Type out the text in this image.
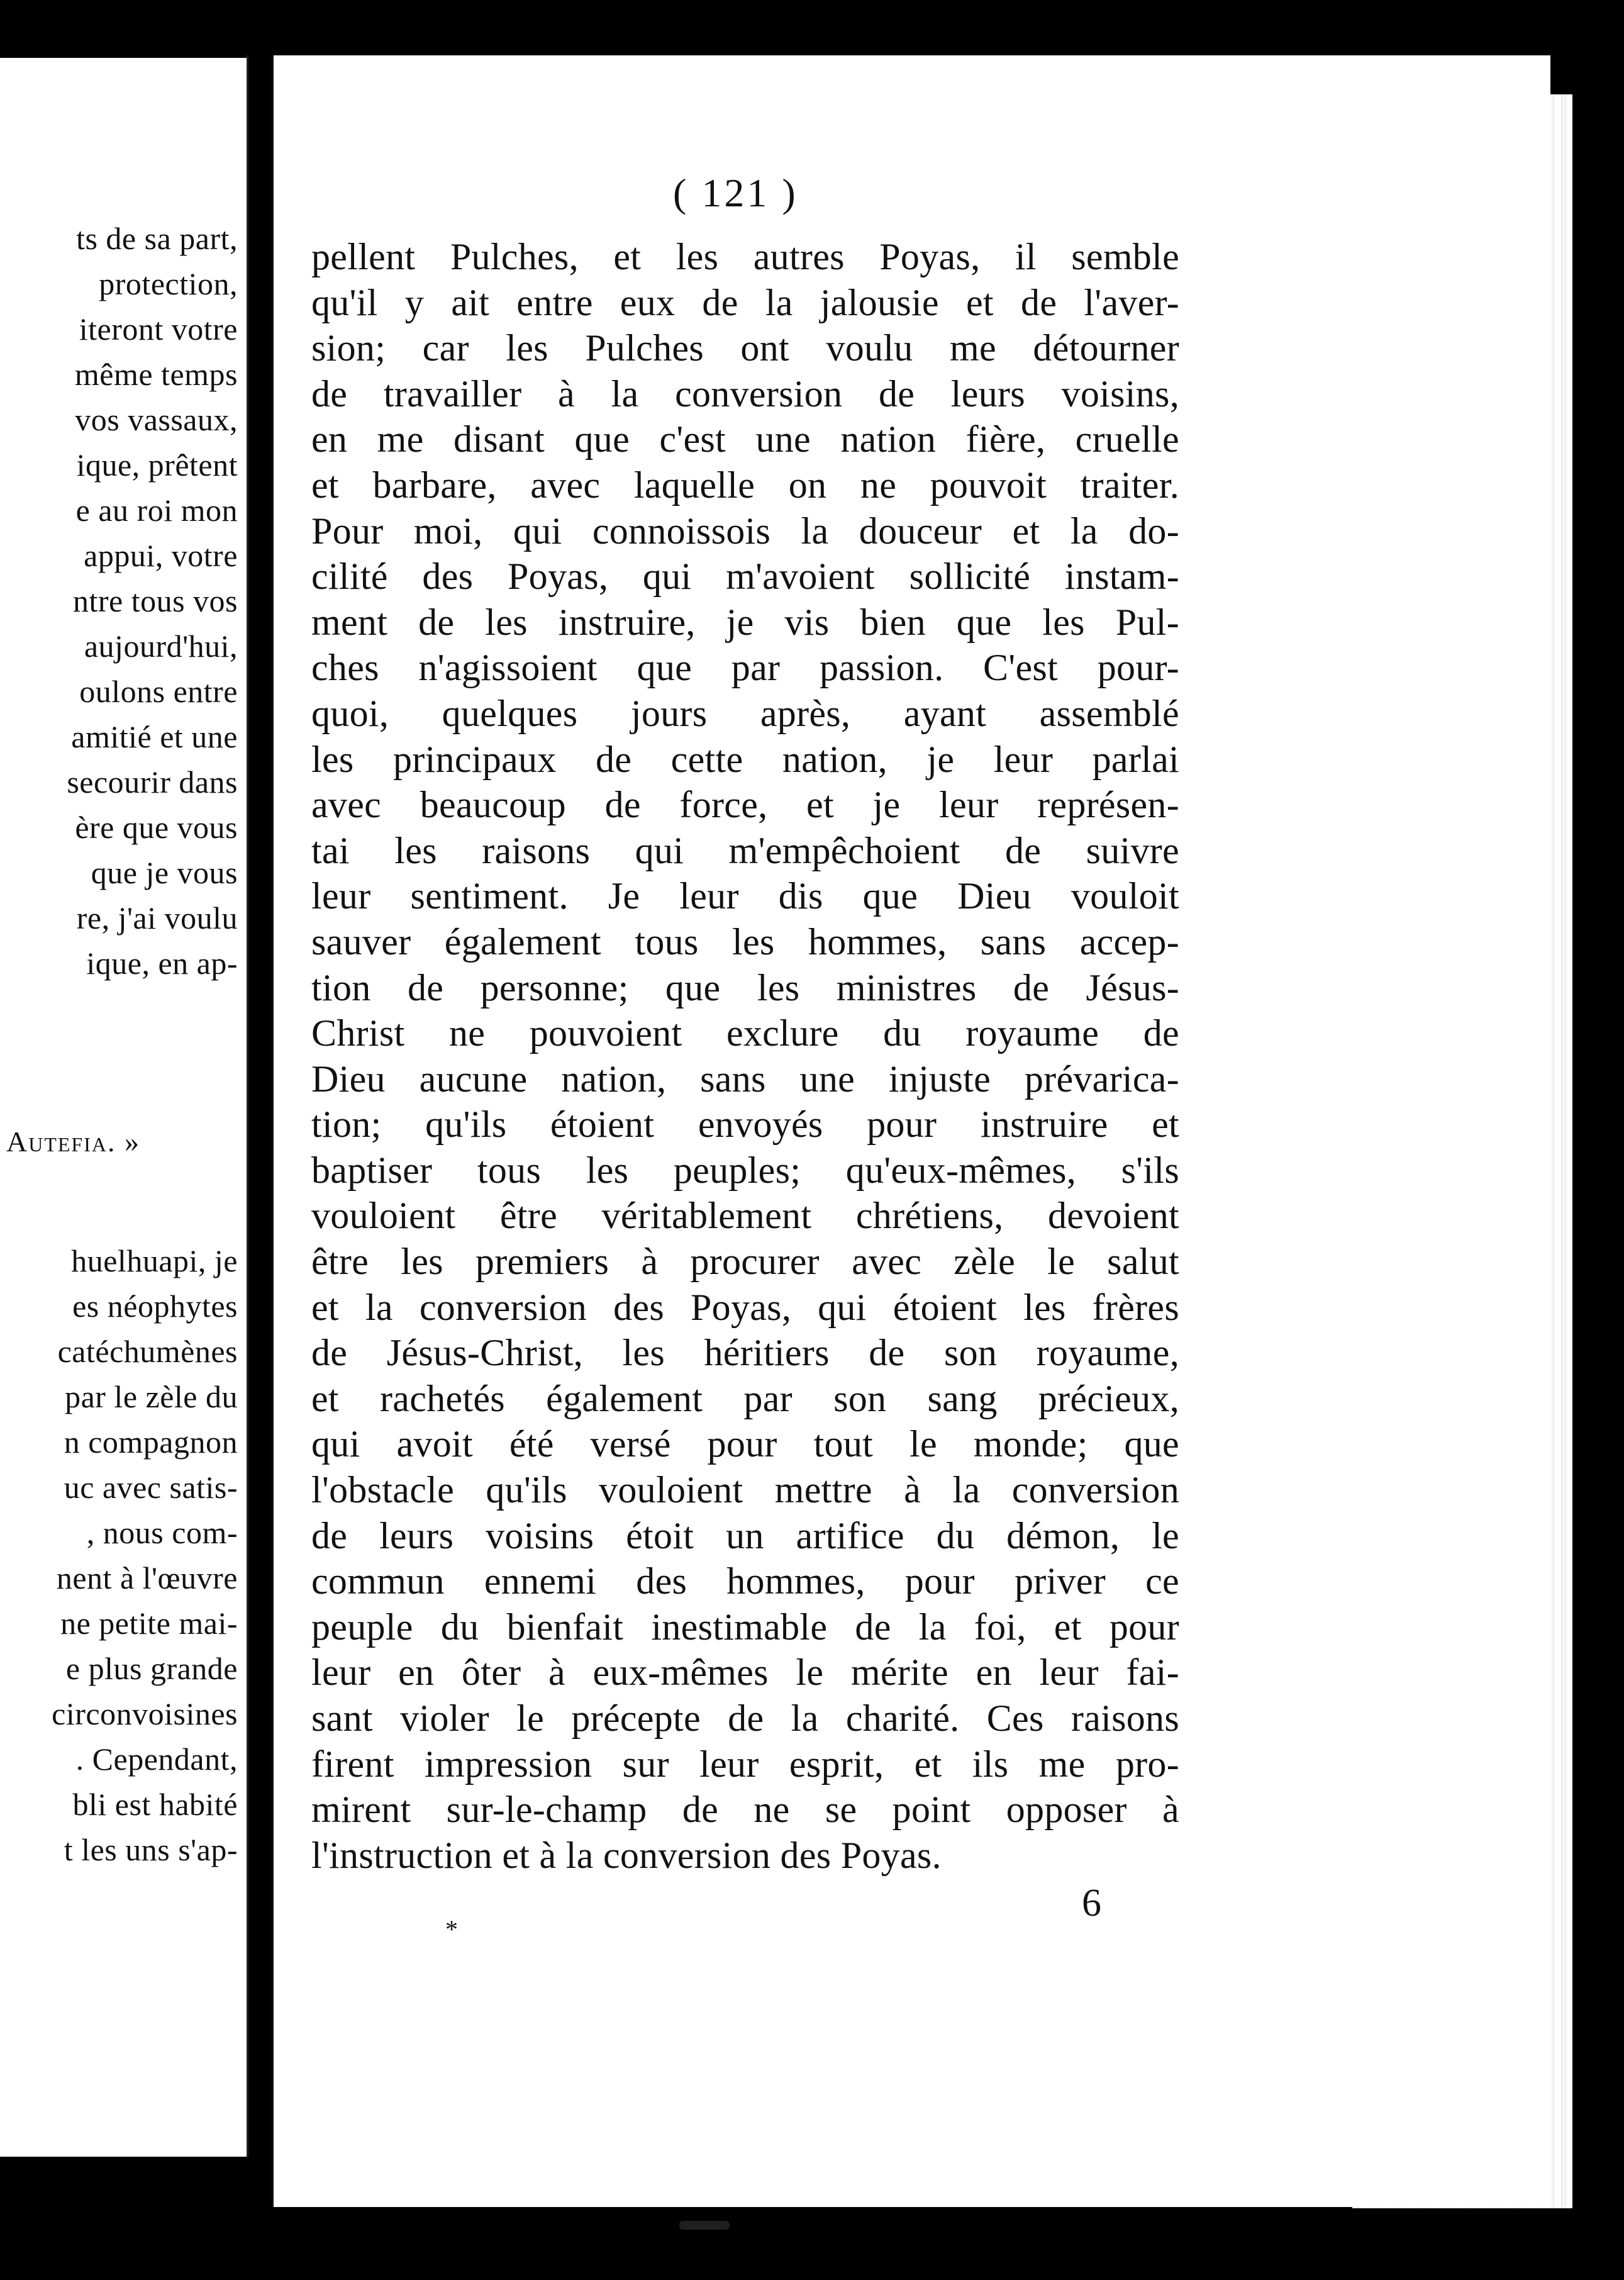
ts de sa part,
protection,
iteront votre
même temps
vos vassaux,
ique, prêtent
e au roi mon
appui, votre
ntre tous vos
aujourd'hui,
oulons entre
amitié et une
secourir dans
ère que vous
que je vous
re, j'ai voulu
ique, en ap-
Autefia. »
huelhuapi, je
es néophytes
catéchumènes
par le zèle du
n compagnon
uc avec satis-
, nous com-
nent à l'œuvre
ne petite mai-
e plus grande
circonvoisines
. Cependant,
bli est habité
t les uns s'ap-
( 121 )
pellent Pulches, et les autres Poyas, il semble
qu'il y ait entre eux de la jalousie et de l'aver-
sion; car les Pulches ont voulu me détourner
de travailler à la conversion de leurs voisins,
en me disant que c'est une nation fière, cruelle
et barbare, avec laquelle on ne pouvoit traiter.
Pour moi, qui connoissois la douceur et la do-
cilité des Poyas, qui m'avoient sollicité instam-
ment de les instruire, je vis bien que les Pul-
ches n'agissoient que par passion. C'est pour-
quoi, quelques jours après, ayant assemblé
les principaux de cette nation, je leur parlai
avec beaucoup de force, et je leur représen-
tai les raisons qui m'empêchoient de suivre
leur sentiment. Je leur dis que Dieu vouloit
sauver également tous les hommes, sans accep-
tion de personne; que les ministres de Jésus-
Christ ne pouvoient exclure du royaume de
Dieu aucune nation, sans une injuste prévarica-
tion; qu'ils étoient envoyés pour instruire et
baptiser tous les peuples; qu'eux-mêmes, s'ils
vouloient être véritablement chrétiens, devoient
être les premiers à procurer avec zèle le salut
et la conversion des Poyas, qui étoient les frères
de Jésus-Christ, les héritiers de son royaume,
et rachetés également par son sang précieux,
qui avoit été versé pour tout le monde; que
l'obstacle qu'ils vouloient mettre à la conversion
de leurs voisins étoit un artifice du démon, le
commun ennemi des hommes, pour priver ce
peuple du bienfait inestimable de la foi, et pour
leur en ôter à eux-mêmes le mérite en leur fai-
sant violer le précepte de la charité. Ces raisons
firent impression sur leur esprit, et ils me pro-
mirent sur-le-champ de ne se point opposer à
l'instruction et à la conversion des Poyas.
6
*
